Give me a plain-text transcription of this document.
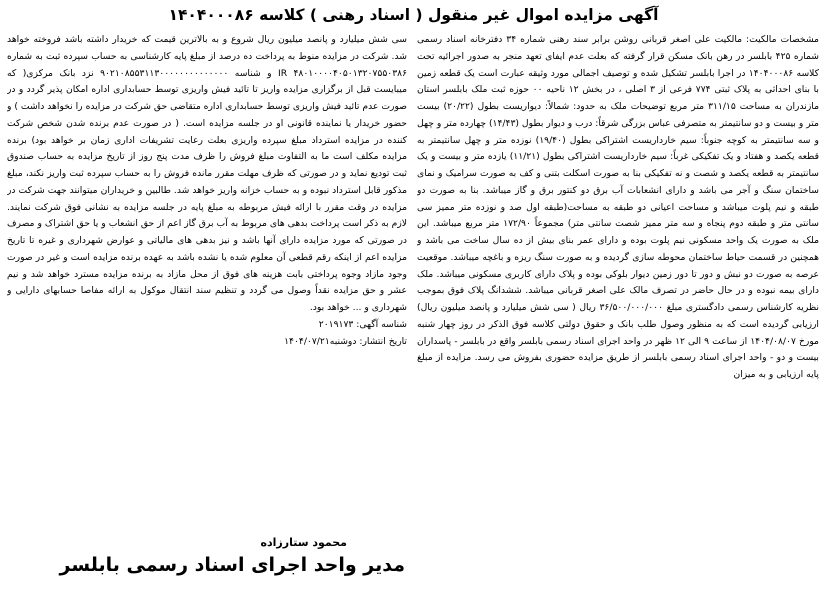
آگهی مزایده اموال غیر منقول ( اسناد رهنی ) کلاسه ۱۴۰۴۰۰۰۸۶

مشخصات مالکیت: مالکیت علی اصغر قربانی روشن برابر سند رهنی شماره ۳۴ دفترخانه اسناد رسمی شماره ۴۲۵ بابلسر در رهن بانک مسکن قرار گرفته که بعلت عدم ایفای تعهد منجر به صدور اجرائیه تحت کلاسه ۱۴۰۴۰۰۰۸۶ در اجرا بابلسر تشکیل شده و توصیف اجمالی مورد وثیقه عبارت است یک قطعه زمین با بنای احداثی به پلاک ثبتی ۷۷۴ فرعی از ۳ اصلی ، در بخش ۱۲ ناحیه ۰۰ حوزه ثبت ملک بابلسر استان مازندران به مساحت ۳۱۱/۱۵ متر مربع توضیحات ملک به حدود: شمالاً: دیواریست بطول (۲۰/۲۲) بیست متر و بیست و دو سانتیمتر به متصرفی عباس بزرگی شرقاً: درب و دیوار بطول (۱۴/۴۳) چهارده متر و چهل و سه سانتیمتر به کوچه جنوباً: سیم خارداریست اشتراکی بطول (۱۹/۴۰) نوزده متر و چهل سانتیمتر به قطعه یکصد و هفتاد و یک تفکیکی غرباً: سیم خارداریست اشتراکی بطول (۱۱/۲۱) یازده متر و بیست و یک سانتیمتر به قطعه یکصد و شصت و نه تفکیکی بنا به صورت اسکلت بتنی و کف به صورت سرامیک و نمای ساختمان سنگ و آجر می باشد و دارای انشعابات آب برق دو کنتور برق و گاز میباشد. بنا به صورت دو طبقه و نیم پلوت میباشد و مساحت اعیانی دو طبقه به مساحت(طبقه اول صد و نوزده متر ممیز سی سانتی متر و طبقه دوم پنجاه و سه متر ممیز شصت سانتی متر) مجموعاً ۱۷۲/۹۰ متر مربع میباشد. این ملک به صورت یک واحد مسکونی نیم پلوت بوده و دارای عمر بنای بیش از ده سال ساخت می باشد و همچنین در قسمت حیاط ساختمان محوطه سازی گردیده و به صورت سنگ ریزه و باغچه میباشد. موقعیت عرصه به صورت دو نبش و دور تا دور زمین دیوار بلوکی بوده و پلاک دارای کاربری مسکونی میباشد. ملک دارای بیمه نبوده و در حال حاضر در تصرف مالک علی اصغر قربانی میباشد. ششدانگ پلاک فوق بموجب نظریه کارشناس رسمی دادگستری مبلغ ۳۶/۵۰۰/۰۰۰/۰۰۰ ریال ( سی شش میلیارد و پانصد میلیون ریال) ارزیابی گردیده است که به منظور وصول طلب بانک و حقوق دولتی کلاسه فوق الذکر در روز چهار شنبه مورخ ۱۴۰۴/۰۸/۰۷ از ساعت ۹ الی ۱۲ ظهر در واحد اجرای اسناد رسمی بابلسر واقع در بابلسر - پاسداران بیست و دو - واحد اجرای اسناد رسمی بابلسر از طریق مزایده حضوری بفروش می رسد. مزایده از مبلغ پایه ارزیابی و به میزان

سی شش میلیارد و پانصد میلیون ریال شروع و به بالاترین قیمت که خریدار داشته باشد فروخته خواهد شد. شرکت در مزایده منوط به پرداخت ده درصد از مبلغ پایه کارشناسی به حساب سپرده ثبت به شماره IR ۴۸۰۱۰۰۰۰۴۰۵۰۱۳۲۰۷۵۵۰۳۸۶ و شناسه ۹۰۲۱۰۸۵۵۳۱۱۳۰۰۰۰۰۰۰۰۰۰۰۰۰۰ نزد بانک مرکزی( که میبایست قبل از برگزاری مزایده واریز تا تائید فیش واریزی توسط حسابداری اداره امکان پذیر گردد و در صورت عدم تائید فیش واریزی توسط حسابداری اداره متقاضی حق شرکت در مزایده را نخواهد داشت ) و حضور خریدار یا نماینده قانونی او در جلسه مزایده است. ( در صورت عدم برنده شدن شخص شرکت کننده در مزایده استرداد مبلغ سپرده واریزی بعلت رعایت تشریفات اداری زمان بر خواهد بود) برنده مزایده مکلف است ما به التفاوت مبلغ فروش را ظرف مدت پنج روز از تاریخ مزایده به حساب صندوق ثبت تودیع نماید و در صورتی که ظرف مهلت مقرر مانده فروش را به حساب سپرده ثبت واریز نکند، مبلغ مذکور قابل استرداد نبوده و به حساب خزانه واریز خواهد شد. طالبین و خریداران میتوانند جهت شرکت در مزایده در وقت مقرر با ارائه فیش مربوطه به مبلغ پایه در جلسه مزایده به نشانی فوق شرکت نمایند. لازم به ذکر است پرداخت بدهی های مربوط به آب برق گاز اعم از حق انشعاب و یا حق اشتراک و مصرف در صورتی که مورد مزایده دارای آنها باشد و نیز بدهی های مالیاتی و عوارض شهرداری و غیره تا تاریخ مزایده اعم از اینکه رقم قطعی آن معلوم شده یا نشده باشد به عهده برنده مزایده است و غیر در صورت وجود مازاد وجوه پرداختی بابت هزینه های فوق از محل مازاد به برنده مزایده مسترد خواهد شد و نیم عشر و حق مزایده نقداً وصول می گردد و تنظیم سند انتقال موکول به ارائه مفاصا حسابهای دارایی و شهرداری و ... خواهد بود.

شناسه آگهی: ۲۰۱۹۱۷۳

تاریخ انتشار: دوشنبه۱۴۰۴/۰۷/۲۱

محمود ستارزاده
مدیر واحد اجرای اسناد رسمی بابلسر
